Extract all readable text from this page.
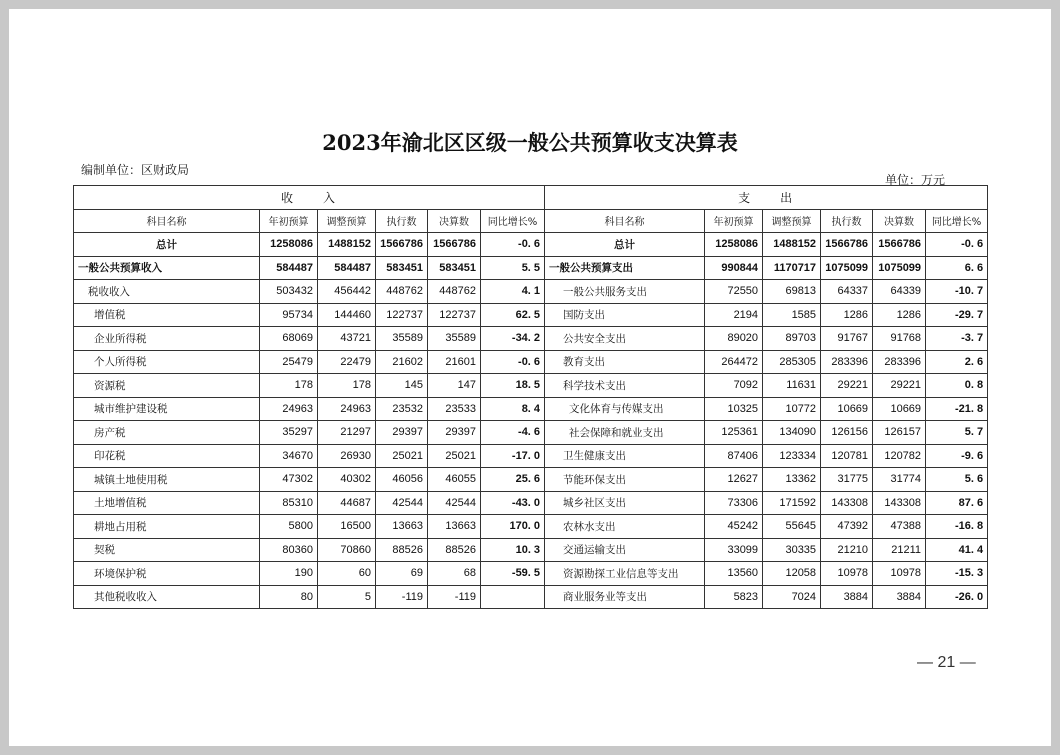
2023年渝北区区级一般公共预算收支决算表
编制单位：区财政局
单位：万元
收　　入						支　　出					
科目名称	年初预算	调整预算	执行数	决算数	同比增长%	科目名称	年初预算	调整预算	执行数	决算数	同比增长%
总计	1258086	1488152	1566786	1566786	-0. 6	总计	1258086	1488152	1566786	1566786	-0. 6
一般公共预算收入	584487	584487	583451	583451	5. 5	一般公共预算支出	990844	1170717	1075099	1075099	6. 6
税收收入	503432	456442	448762	448762	4. 1	一般公共服务支出	72550	69813	64337	64339	-10. 7
增值税	95734	144460	122737	122737	62. 5	国防支出	2194	1585	1286	1286	-29. 7
企业所得税	68069	43721	35589	35589	-34. 2	公共安全支出	89020	89703	91767	91768	-3. 7
个人所得税	25479	22479	21602	21601	-0. 6	教育支出	264472	285305	283396	283396	2. 6
资源税	178	178	145	147	18. 5	科学技术支出	7092	11631	29221	29221	0. 8
城市维护建设税	24963	24963	23532	23533	8. 4	文化体育与传媒支出	10325	10772	10669	10669	-21. 8
房产税	35297	21297	29397	29397	-4. 6	社会保障和就业支出	125361	134090	126156	126157	5. 7
印花税	34670	26930	25021	25021	-17. 0	卫生健康支出	87406	123334	120781	120782	-9. 6
城镇土地使用税	47302	40302	46056	46055	25. 6	节能环保支出	12627	13362	31775	31774	5. 6
土地增值税	85310	44687	42544	42544	-43. 0	城乡社区支出	73306	171592	143308	143308	87. 6
耕地占用税	5800	16500	13663	13663	170. 0	农林水支出	45242	55645	47392	47388	-16. 8
契税	80360	70860	88526	88526	10. 3	交通运输支出	33099	30335	21210	21211	41. 4
环境保护税	190	60	69	68	-59. 5	资源勘探工业信息等支出	13560	12058	10978	10978	-15. 3
其他税收收入	80	5	-119	-119		商业服务业等支出	5823	7024	3884	3884	-26. 0
— 21 —
